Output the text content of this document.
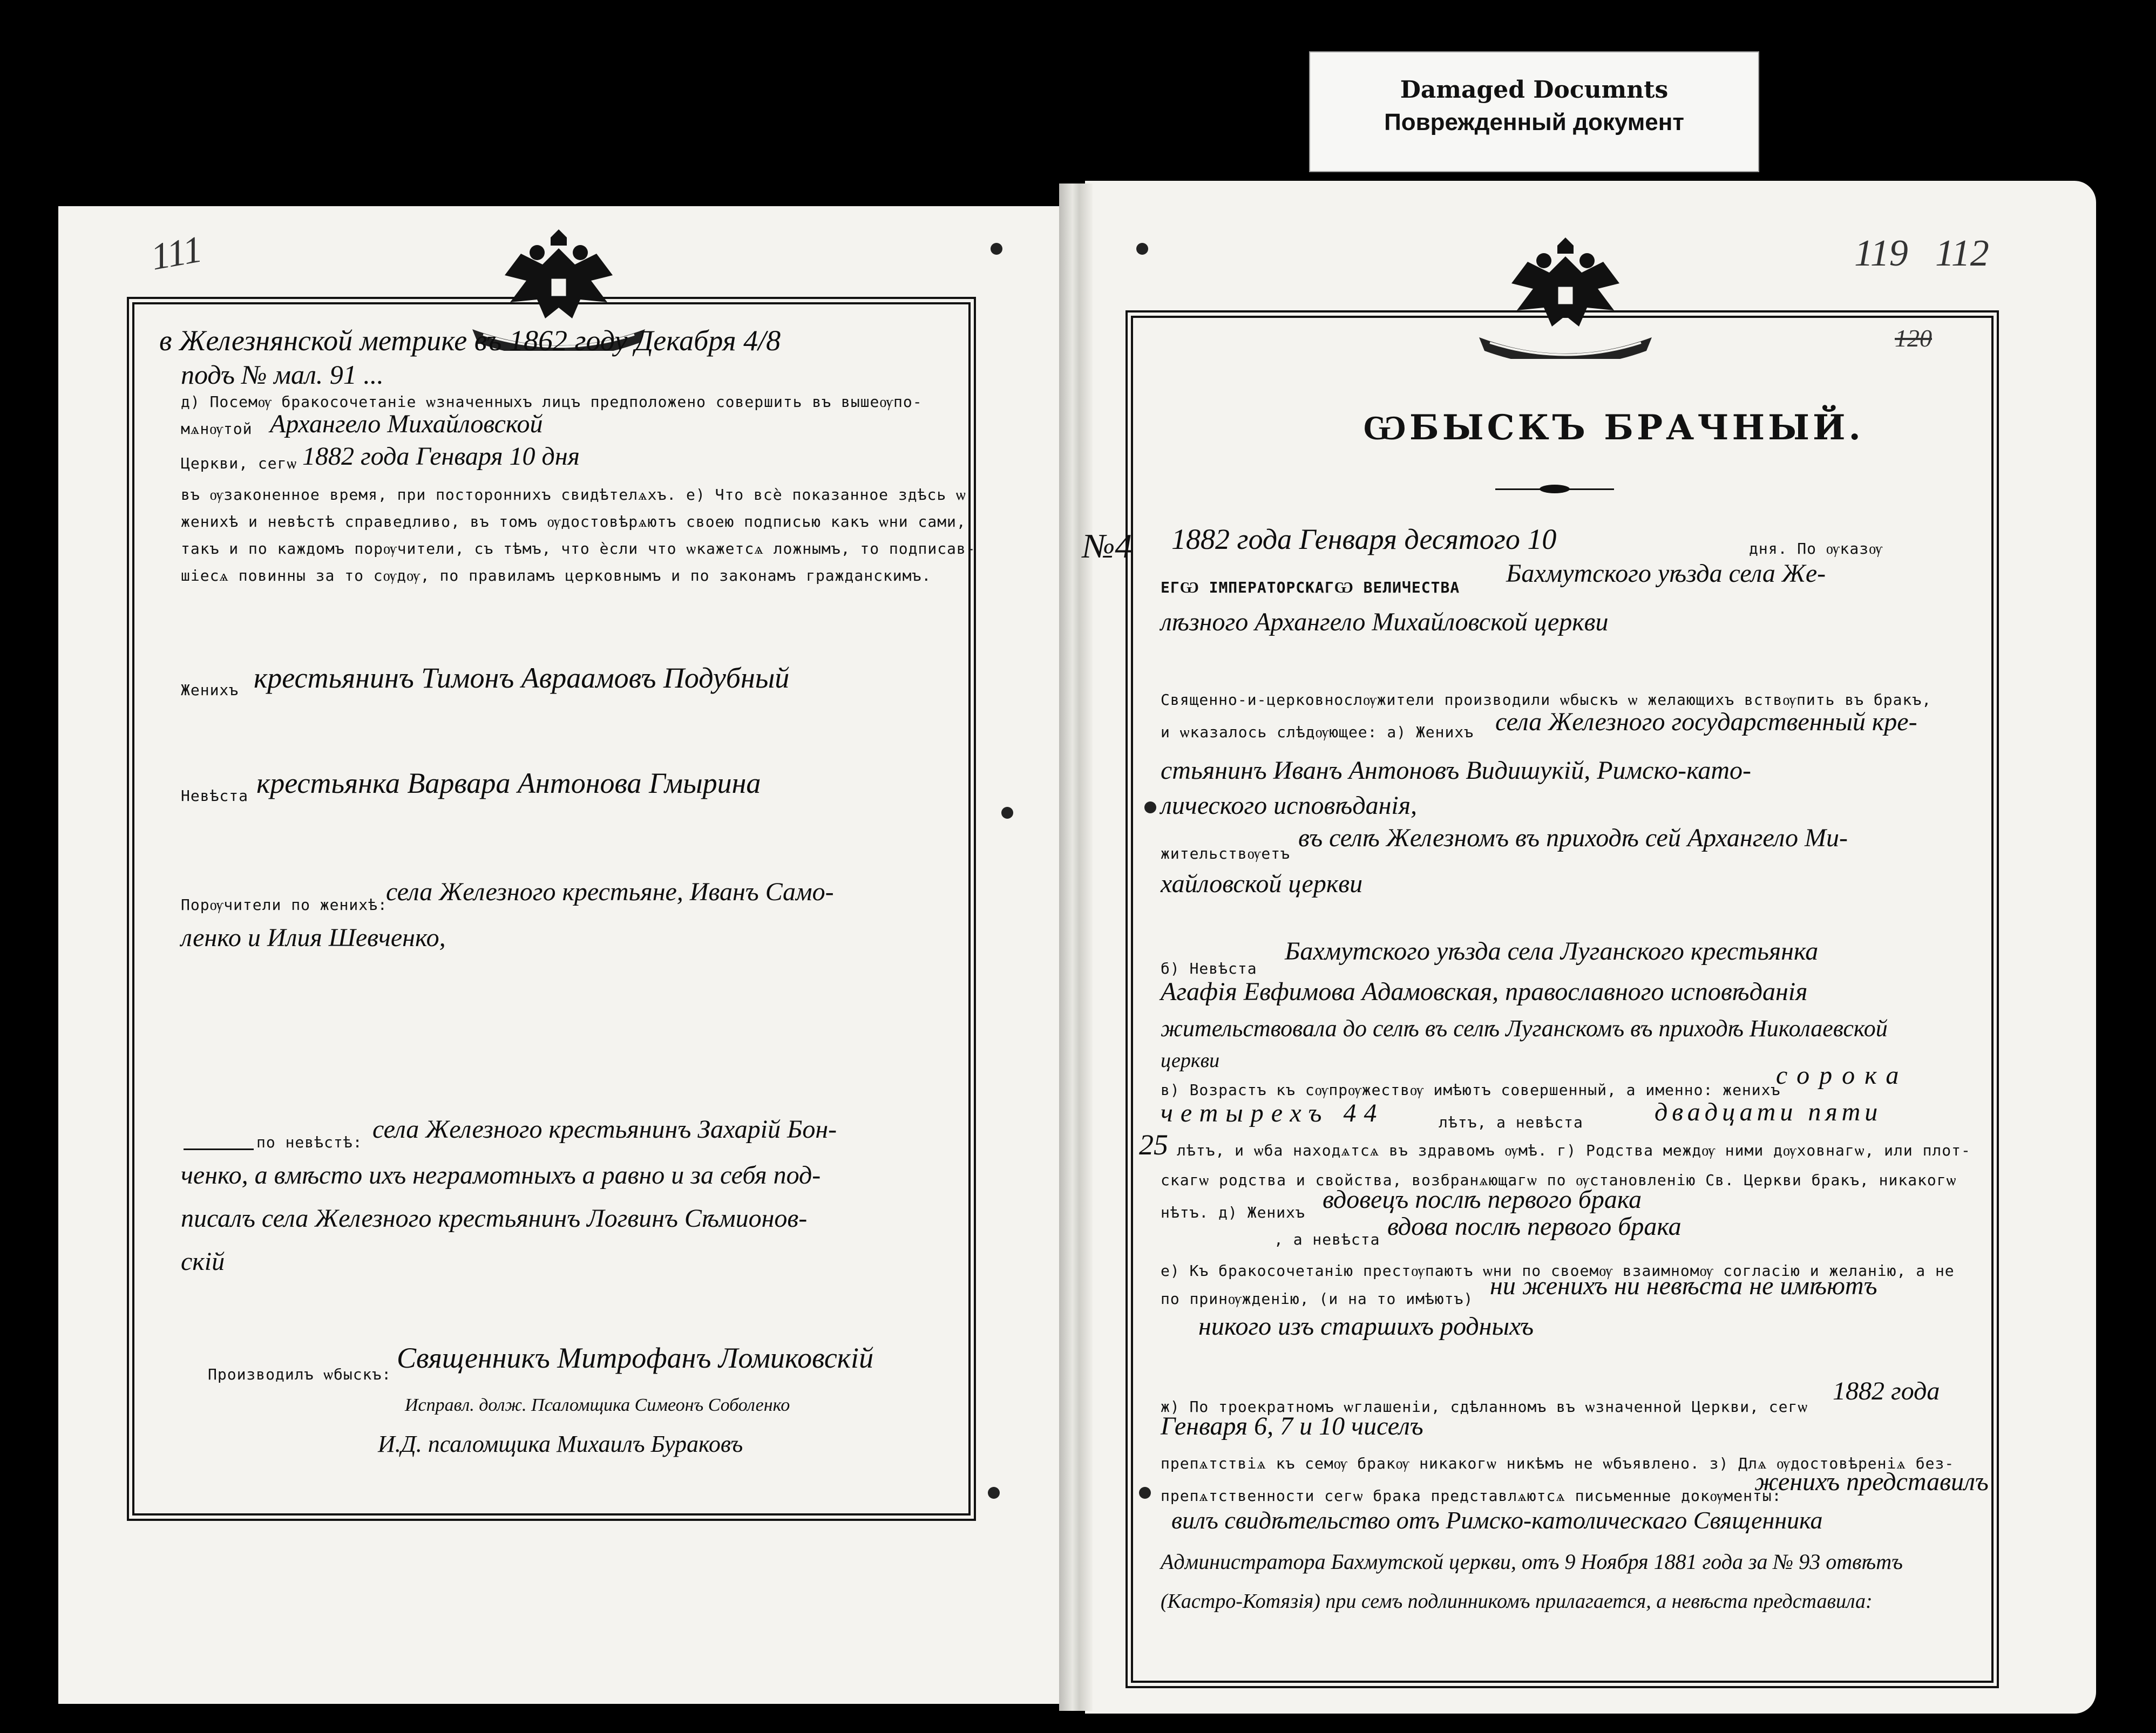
Damaged Documnts
Поврежденный документ
111	119 112
120
в Железнянской метрике въ 1862 году Декабря 4/8
подъ № мал. 91 ...
д) Посемѹ бракосочетаніе ѡзначенныхъ лицъ предположено совершить въ вышеѹпо-
мѧнѹтой Архангело Михайловской
Церкви, сегѡ 1882 года Генваря 10 дня
въ ѹзаконенное время, при постороннихъ свидѣтелѧхъ. е) Что всѐ показанное здѣсь ѡ
женихѣ и невѣстѣ справедливо, въ томъ ѹдостовѣрѧютъ своею подписью какъ ѡни сами,
такъ и по каждомъ порѹчители, съ тѣмъ, что ѐсли что ѡкажетсѧ ложнымъ, то подписав-
шіесѧ повинны за то сѹдѹ, по правиламъ церковнымъ и по законамъ гражданскимъ.
Женихъ крестьянинъ Тимонъ Авраамовъ Подубный
Невѣста крестьянка Варвара Антонова Гмырина
Порѹчители по женихѣ:
села Железного крестьяне, Иванъ Само-
ленко и Илия Шевченко,
по невѣстѣ: села Железного крестьянинъ Захарій Бон-
ченко, а вмѣсто ихъ неграмотныхъ а равно и за себя под-
писалъ села Железного крестьянинъ Логвинъ Сѣмионов-
скій
Производилъ ѡбыскъ:
Священникъ Митрофанъ Ломиковскій
Исправл. долж. Псаломщика Симеонъ Соболенко
И.Д. псаломщика Михаилъ Бураковъ
ѠБЫСКЪ БРАЧНЫЙ.
№4 1882 года Генваря десятого 10	дня. По ѹказѹ
ЕГѠ ІМПЕРАТОРСКАГѠ ВЕЛИЧЕСТВА Бахмутского уѣзда села Же-
лѣзного Архангело Михайловской церкви
Священно-и-церковнослѹжители производили ѡбыскъ ѡ желающихъ вствѹпить въ бракъ,
и ѡказалось слѣдѹющее: а) Женихъ села Железного государственный кре-
стьянинъ Иванъ Антоновъ Видишукій, Римско-като-
лического исповѣданія,
жительствѹетъ
въ селѣ Железномъ въ приходѣ сей Архангело Ми-
хайловской церкви
б) Невѣста
Бахмутского уѣзда села Луганского крестьянка
Агафія Евфимова Адамовская, православного исповѣданія
жительствовала до селѣ въ селѣ Луганскомъ въ приходѣ Николаевской
церкви
в) Возрастъ къ сѹпрѹжествѹ имѣютъ совершенный, а именно: женихъ
сорока
четырехъ 44	лѣтъ, а невѣста	двадцати пяти
25 лѣтъ, и ѡба находѧтсѧ въ здравомъ ѹмѣ. г) Родства междѹ ними дѹховнагѡ, или плот-
скагѡ родства и свойства, возбранѧющагѡ по ѹстановленію Св. Церкви бракъ, никакогѡ
нѣтъ. д) Женихъ вдовецъ послѣ первого брака
, а невѣста вдова послѣ первого брака
е) Къ бракосочетанію престѹпаютъ ѡни по своемѹ взаимномѹ согласію и желанію, а не
по принѹжденію, (и на то имѣютъ) ни женихъ ни невѣста не имѣютъ
никого изъ старшихъ родныхъ
ж) По троекратномъ ѡглашеніи, сдѣланномъ въ ѡзначенной Церкви, сегѡ
1882 года
Генваря 6, 7 и 10 чиселъ
препѧтствіѧ къ семѹ бракѹ никакогѡ никѣмъ не ѡбъявлено. з) Длѧ ѹдостовѣреніѧ без-
препѧтственности сегѡ брака представлѧютсѧ письменные докѹменты:
женихъ представилъ
вилъ свидѣтельство отъ Римско-католическаго Священника
Администратора Бахмутской церкви, отъ 9 Ноября 1881 года за № 93 отвѣтъ
(Кастро-Котязія) при семъ подлинникомъ прилагается, а невѣста представила:
